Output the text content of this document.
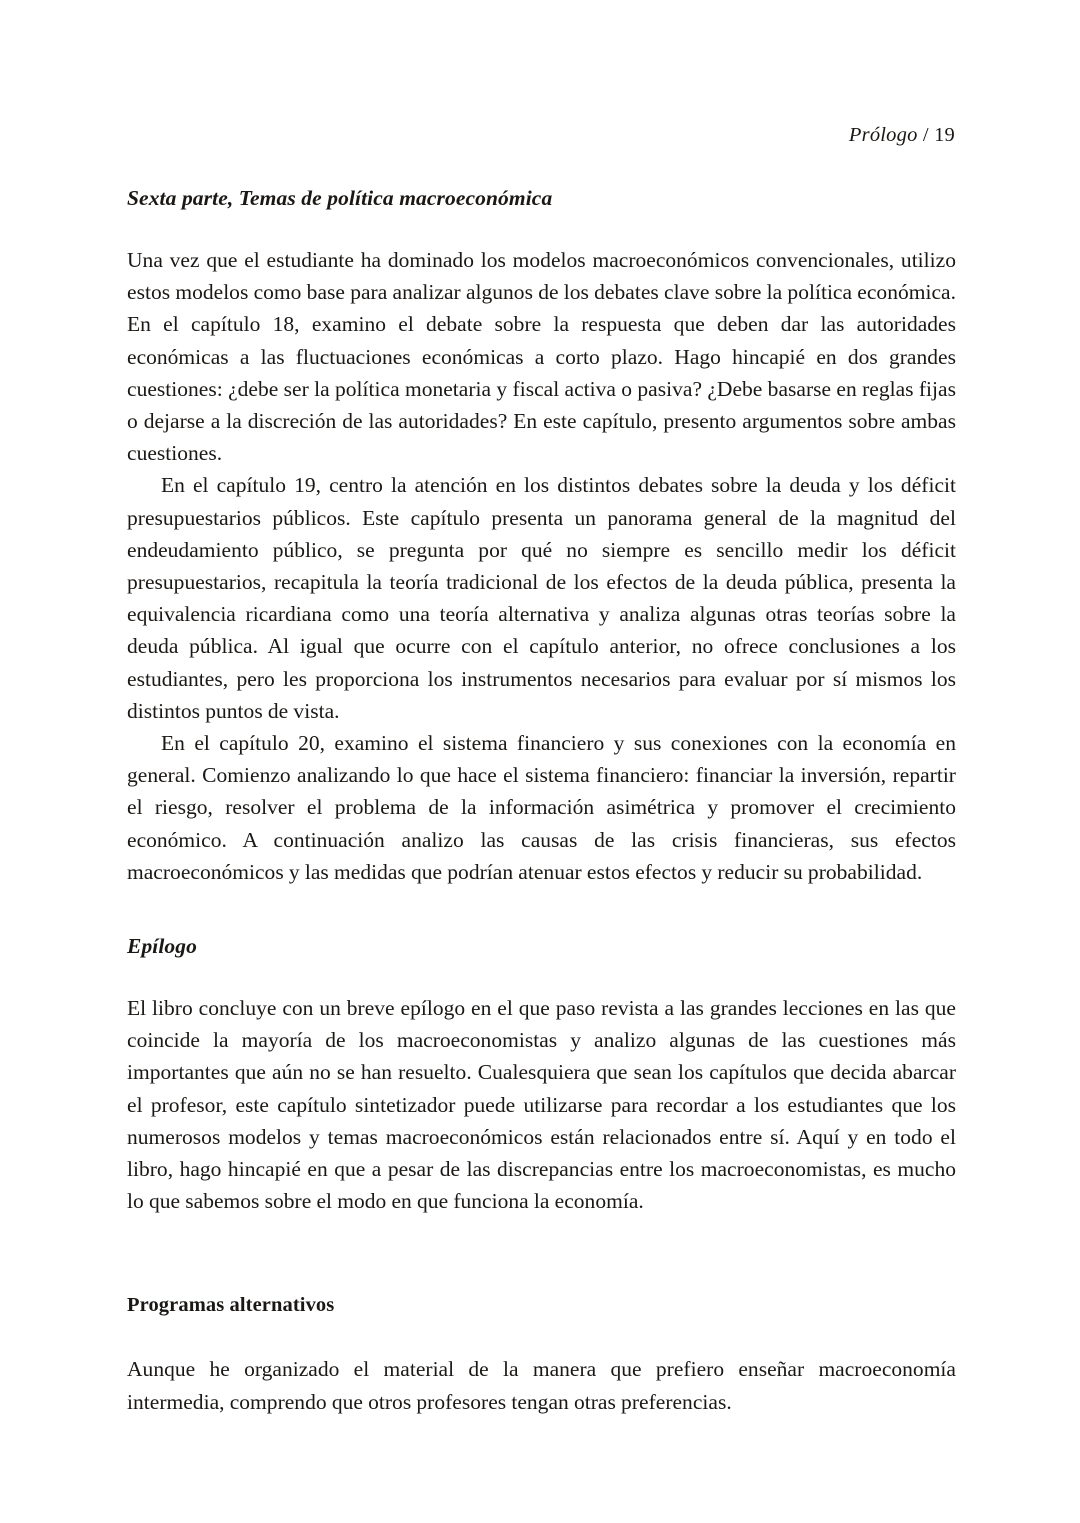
Prólogo / 19
Sexta parte, Temas de política macroeconómica

Una vez que el estudiante ha dominado los modelos macroeconómicos convencionales, utilizo estos modelos como base para analizar algunos de los debates clave sobre la política económica. En el capítulo 18, examino el debate sobre la respuesta que deben dar las autoridades económicas a las fluctuaciones económicas a corto plazo. Hago hincapié en dos grandes cuestiones: ¿debe ser la política monetaria y fiscal activa o pasiva? ¿Debe basarse en reglas fijas o dejarse a la discreción de las autoridades? En este capítulo, presento argumentos sobre ambas cuestiones.

En el capítulo 19, centro la atención en los distintos debates sobre la deuda y los déficit presupuestarios públicos. Este capítulo presenta un panorama general de la magnitud del endeudamiento público, se pregunta por qué no siempre es sencillo medir los déficit presupuestarios, recapitula la teoría tradicional de los efectos de la deuda pública, presenta la equivalencia ricardiana como una teoría alternativa y analiza algunas otras teorías sobre la deuda pública. Al igual que ocurre con el capítulo anterior, no ofrece conclusiones a los estudiantes, pero les proporciona los instrumentos necesarios para evaluar por sí mismos los distintos puntos de vista.

En el capítulo 20, examino el sistema financiero y sus conexiones con la economía en general. Comienzo analizando lo que hace el sistema financiero: financiar la inversión, repartir el riesgo, resolver el problema de la información asimétrica y promover el crecimiento económico. A continuación analizo las causas de las crisis financieras, sus efectos macroeconómicos y las medidas que podrían atenuar estos efectos y reducir su probabilidad.

Epílogo

El libro concluye con un breve epílogo en el que paso revista a las grandes lecciones en las que coincide la mayoría de los macroeconomistas y analizo algunas de las cuestiones más importantes que aún no se han resuelto. Cualesquiera que sean los capítulos que decida abarcar el profesor, este capítulo sintetizador puede utilizarse para recordar a los estudiantes que los numerosos modelos y temas macroeconómicos están relacionados entre sí. Aquí y en todo el libro, hago hincapié en que a pesar de las discrepancias entre los macroeconomistas, es mucho lo que sabemos sobre el modo en que funciona la economía.

Programas alternativos

Aunque he organizado el material de la manera que prefiero enseñar macroeconomía intermedia, comprendo que otros profesores tengan otras preferencias.
